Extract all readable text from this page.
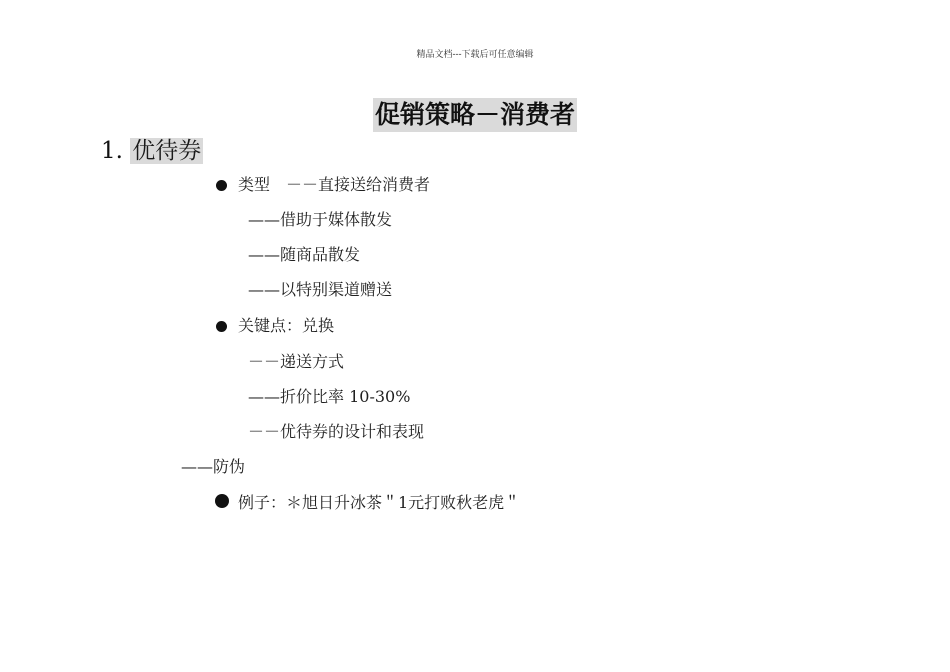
精品文档---下载后可任意编辑
促销策略－消费者
1. 优待券
类型　－－直接送给消费者
——借助于媒体散发
——随商品散发
——以特别渠道赠送
关键点：兑换
－－递送方式
——折价比率 10-30%
－－优待券的设计和表现
——防伪
例子：＊旭日升冰茶＂1元打败秋老虎＂
